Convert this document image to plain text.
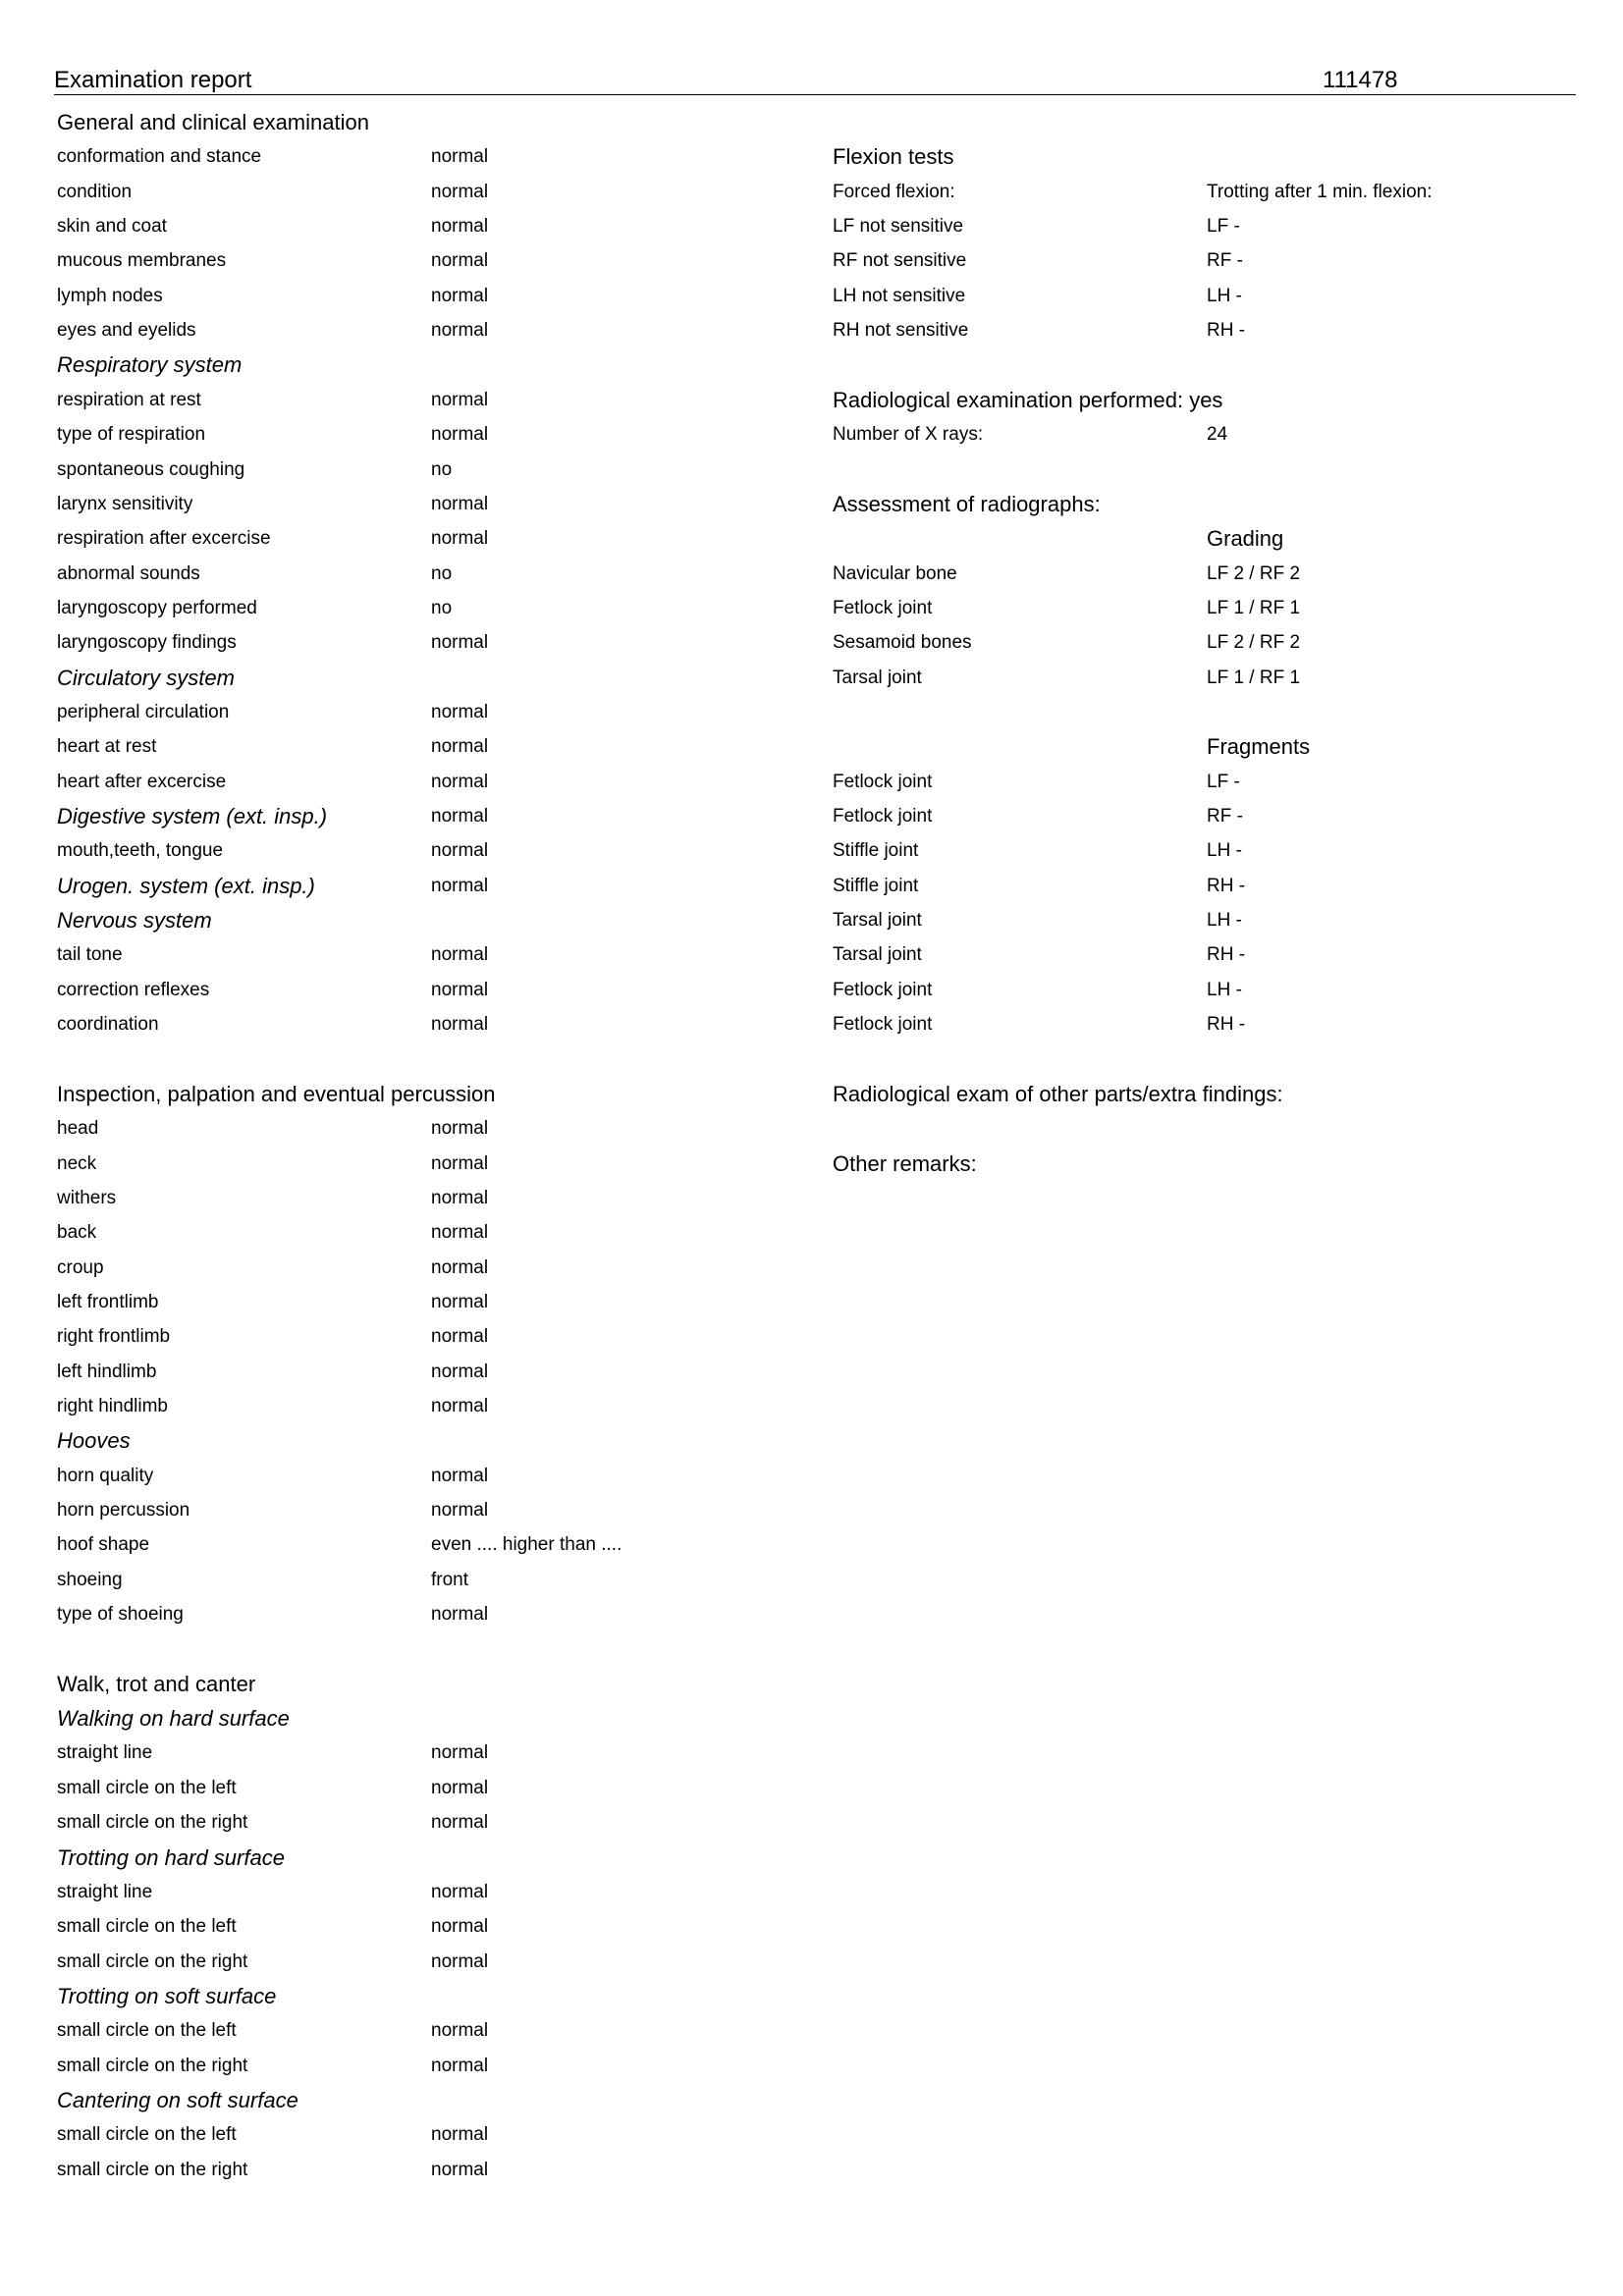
Examination report	111478
General and clinical examination
conformation and stance	normal
condition	normal
skin and coat	normal
mucous membranes	normal
lymph nodes	normal
eyes and eyelids	normal
Respiratory system
respiration at rest	normal
type of respiration	normal
spontaneous coughing	no
larynx sensitivity	normal
respiration after excercise	normal
abnormal sounds	no
laryngoscopy performed	no
laryngoscopy findings	normal
Circulatory system
peripheral circulation	normal
heart at rest	normal
heart after excercise	normal
Digestive system (ext. insp.)	normal
mouth,teeth, tongue	normal
Urogen. system (ext. insp.)	normal
Nervous system
tail tone	normal
correction reflexes	normal
coordination	normal
Inspection, palpation and eventual percussion
head	normal
neck	normal
withers	normal
back	normal
croup	normal
left frontlimb	normal
right frontlimb	normal
left hindlimb	normal
right hindlimb	normal
Hooves
horn quality	normal
horn percussion	normal
hoof shape	even .... higher than ....
shoeing	front
type of shoeing	normal
Walk, trot and canter
Walking on hard surface
straight line	normal
small circle on the left	normal
small circle on the right	normal
Trotting on hard surface
straight line	normal
small circle on the left	normal
small circle on the right	normal
Trotting on soft surface
small circle on the left	normal
small circle on the right	normal
Cantering on soft surface
small circle on the left	normal
small circle on the right	normal
Flexion tests
Forced flexion:	Trotting after 1 min. flexion:
LF not sensitive	LF -
RF not sensitive	RF -
LH not sensitive	LH -
RH not sensitive	RH -
Radiological examination performed: yes
Number of X rays:	24
Assessment of radiographs:
Grading
Navicular bone	LF 2 / RF 2
Fetlock joint	LF 1 / RF 1
Sesamoid bones	LF 2 / RF 2
Tarsal joint	LF 1 / RF 1
Fragments
Fetlock joint	LF -
Fetlock joint	RF -
Stiffle joint	LH -
Stiffle joint	RH -
Tarsal joint	LH -
Tarsal joint	RH -
Fetlock joint	LH -
Fetlock joint	RH -
Radiological exam of other parts/extra findings:
Other remarks:
